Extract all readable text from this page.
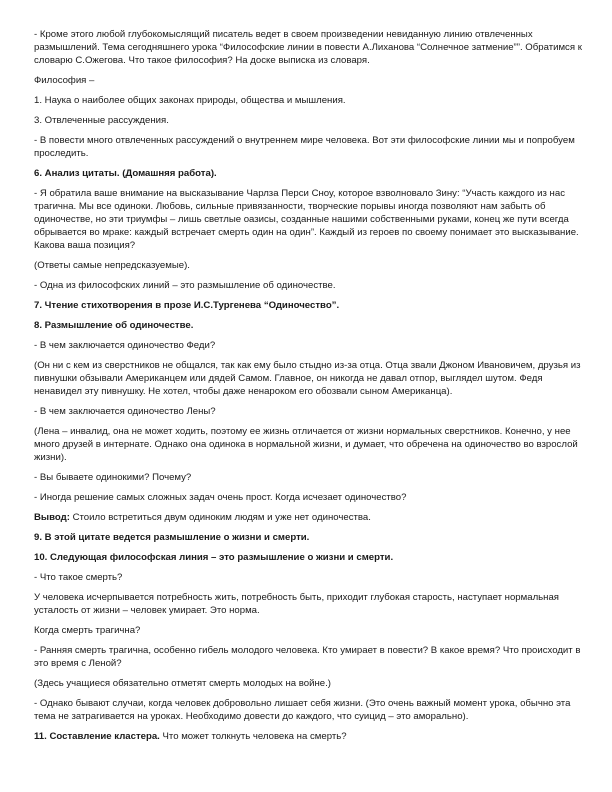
- Кроме этого любой глубокомыслящий писатель ведет в своем произведении невиданную линию отвлеченных размышлений. Тема сегодняшнего урока “Философские линии в повести А.Лиханова “Солнечное затмение””. Обратимся к словарю С.Ожегова. Что такое философия? На доске выписка из словаря.

Философия –

1. Наука о наиболее общих законах природы, общества и мышления.

3. Отвлеченные рассуждения.

- В повести много отвлеченных рассуждений о внутреннем мире человека. Вот эти философские линии мы и попробуем проследить.

6. Анализ цитаты. (Домашняя работа).

- Я обратила ваше внимание на высказывание Чарлза Перси Сноу, которое взволновало Зину: “Участь каждого из нас трагична. Мы все одиноки. Любовь, сильные привязанности, творческие порывы иногда позволяют нам забыть об одиночестве, но эти триумфы – лишь светлые оазисы, созданные нашими собственными руками, конец же пути всегда обрывается во мраке: каждый встречает смерть один на один”. Каждый из героев по своему понимает это высказывание. Какова ваша позиция?

(Ответы самые непредсказуемые).

- Одна из философских линий – это размышление об одиночестве.

7. Чтение стихотворения в прозе И.С.Тургенева “Одиночество”.

8. Размышление об одиночестве.

- В чем заключается одиночество Феди?

(Он ни с кем из сверстников не общался, так как ему было стыдно из-за отца. Отца звали Джоном Ивановичем, друзья из пивнушки обзывали Американцем или дядей Самом. Главное, он никогда не давал отпор, выглядел шутом. Федя ненавидел эту пивнушку. Не хотел, чтобы даже ненароком его обозвали сыном Американца).

- В чем заключается одиночество Лены?

(Лена – инвалид, она не может ходить, поэтому ее жизнь отличается от жизни нормальных сверстников. Конечно, у нее много друзей в интернате. Однако она одинока в нормальной жизни, и думает, что обречена на одиночество во взрослой жизни).

- Вы бываете одинокими? Почему?

- Иногда решение самых сложных задач очень прост. Когда исчезает одиночество?

Вывод: Стоило встретиться двум одиноким людям и уже нет одиночества.

9. В этой цитате ведется размышление о жизни и смерти.

10. Следующая философская линия – это размышление о жизни и смерти.

- Что такое смерть?

У человека исчерпывается потребность жить, потребность быть, приходит глубокая старость, наступает нормальная усталость от жизни – человек умирает. Это норма.

Когда смерть трагична?

- Ранняя смерть трагична, особенно гибель молодого человека. Кто умирает в повести? В какое время? Что происходит в это время с Леной?

(Здесь учащиеся обязательно отметят смерть молодых на войне.)

- Однако бывают случаи, когда человек добровольно лишает себя жизни. (Это очень важный момент урока, обычно эта тема не затрагивается на уроках. Необходимо довести до каждого, что суицид – это аморально).

11. Составление кластера. Что может толкнуть человека на смерть?
